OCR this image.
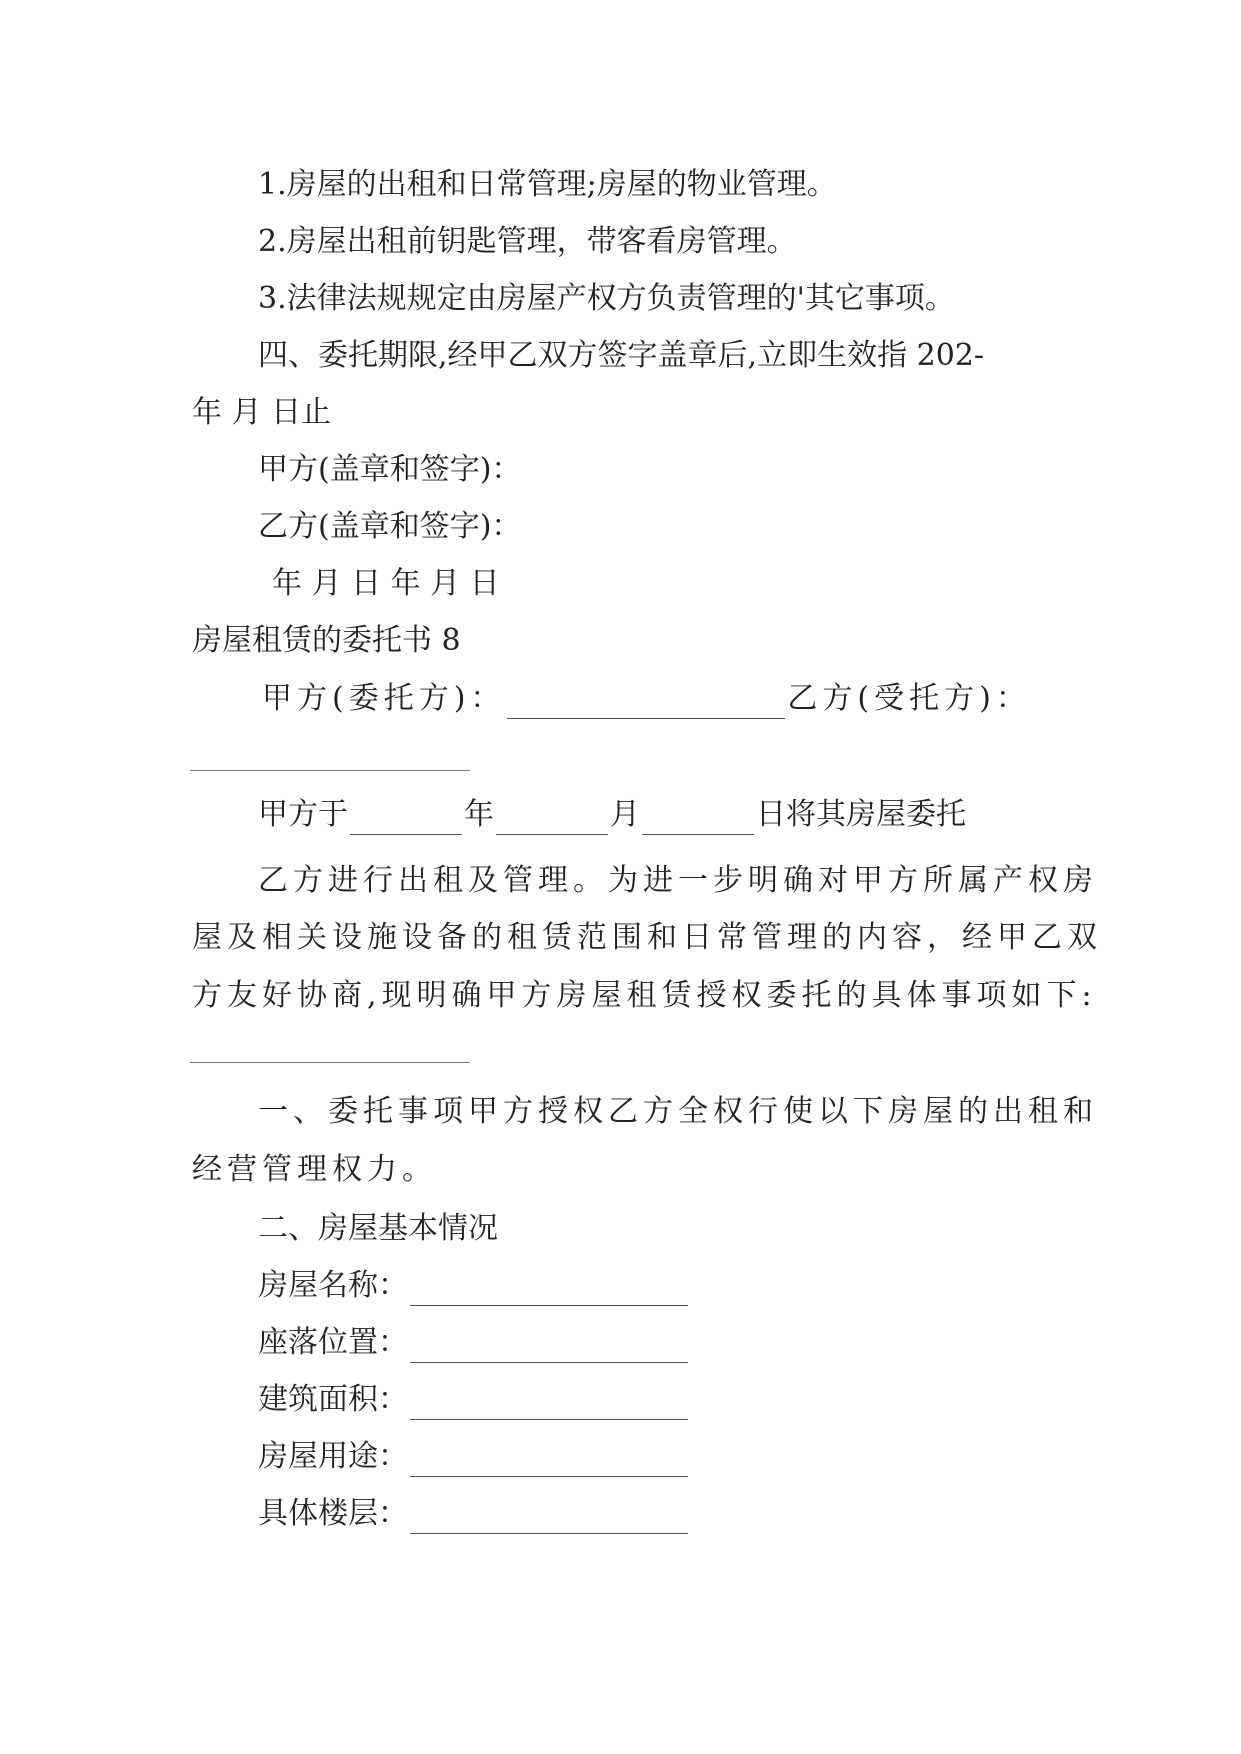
1.房屋的出租和日常管理;房屋的物业管理。
2.房屋出租前钥匙管理，带客看房管理。
3.法律法规规定由房屋产权方负责管理的'其它事项。
四、委托期限,经甲乙双方签字盖章后,立即生效指 202-
年 月 日止
甲方(盖章和签字)：
乙方(盖章和签字)：
年 月 日 年 月 日
房屋租赁的委托书 8
甲方(委托方)：	乙方(受托方)：
甲方于	年	月	日将其房屋委托
乙方进行出租及管理。为进一步明确对甲方所属产权房
屋及相关设施设备的租赁范围和日常管理的内容，经甲乙双
方友好协商,现明确甲方房屋租赁授权委托的具体事项如下:
一、委托事项甲方授权乙方全权行使以下房屋的出租和
经营管理权力。
二、房屋基本情况
房屋名称：
座落位置：
建筑面积：
房屋用途：
具体楼层：
